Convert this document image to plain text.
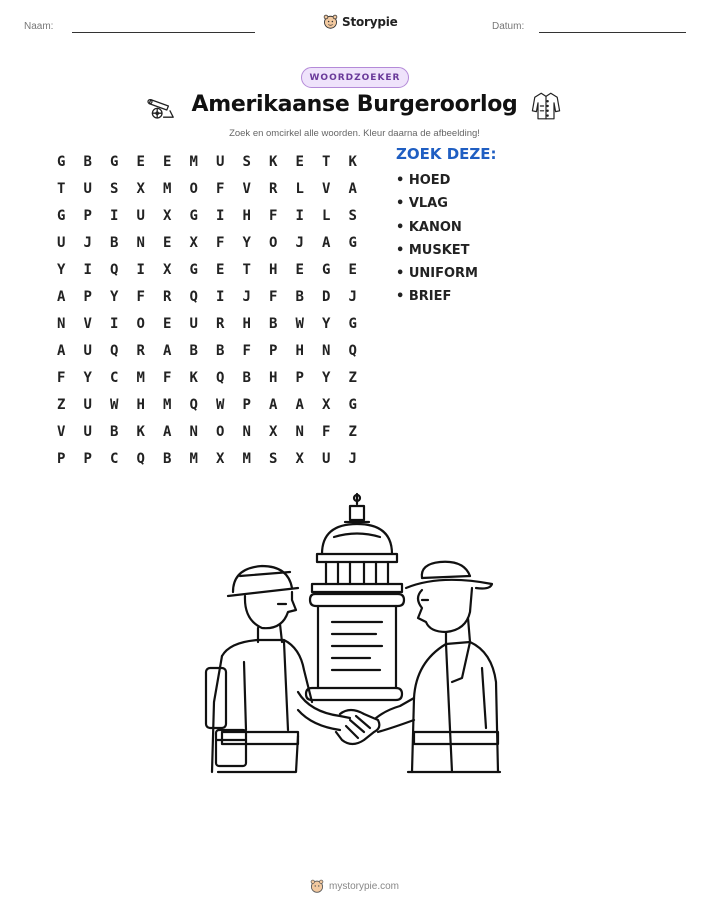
Naam:	Storypie	Datum:
WOORDZOEKER
Amerikaanse Burgeroorlog
Zoek en omcirkel alle woorden. Kleur daarna de afbeelding!
G	B	G	E	E	M	U	S	K	E	T	K
T	U	S	X	M	O	F	V	R	L	V	A
G	P	I	U	X	G	I	H	F	I	L	S
U	J	B	N	E	X	F	Y	O	J	A	G
Y	I	Q	I	X	G	E	T	H	E	G	E
A	P	Y	F	R	Q	I	J	F	B	D	J
N	V	I	O	E	U	R	H	B	W	Y	G
A	U	Q	R	A	B	B	F	P	H	N	Q
F	Y	C	M	F	K	Q	B	H	P	Y	Z
Z	U	W	H	M	Q	W	P	A	A	X	G
V	U	B	K	A	N	O	N	X	N	F	Z
P	P	C	Q	B	M	X	M	S	X	U	J
ZOEK DEZE:
• HOED
• VLAG
• KANON
• MUSKET
• UNIFORM
• BRIEF
mystorypie.com
